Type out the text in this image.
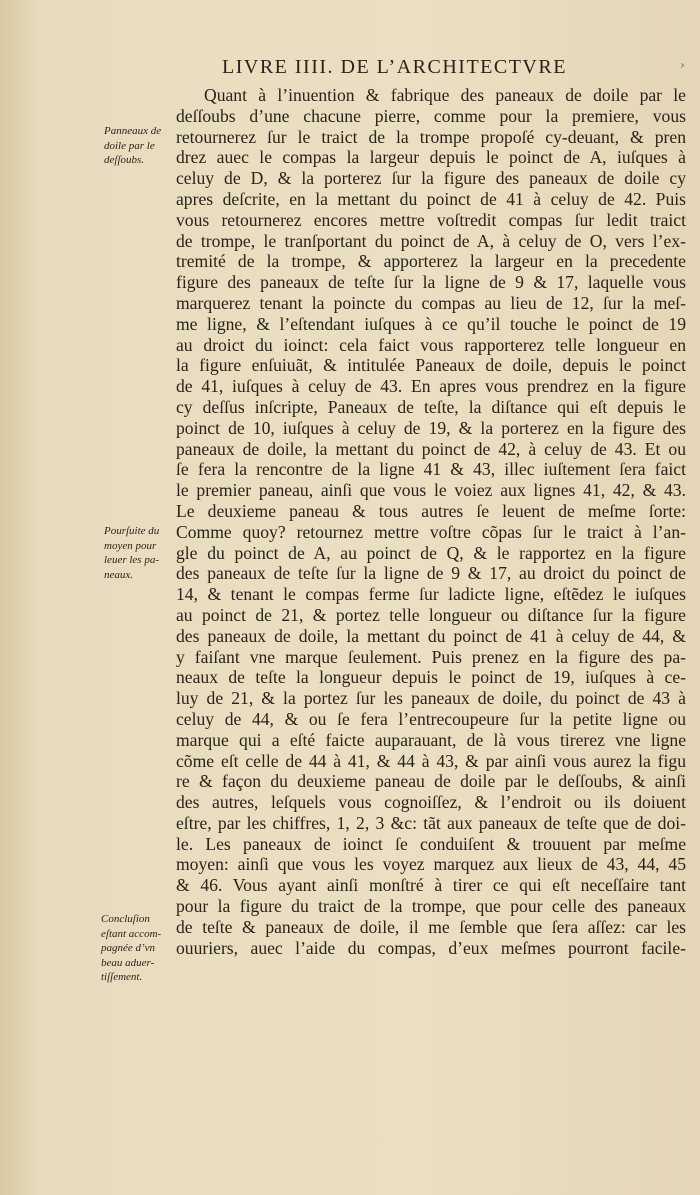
LIVRE IIII. DE L’ARCHITECTVRE	›
Panneaux de
doile par le
deſſoubs.
Pourſuite du
moyen pour
leuer les pa-
neaux.
Concluſion
eſtant accom-
pagnée d’vn
beau aduer-
tiſſement.
Quant à l’inuention & fabrique des paneaux de doile par le
deſſoubs d’une chacune pierre, comme pour la premiere, vous
retournerez ſur le traict de la trompe propoſé cy-deuant, & pren
drez auec le compas la largeur depuis le poinct de A, iuſques à
celuy de D, & la porterez ſur la figure des paneaux de doile cy
apres deſcrite, en la mettant du poinct de 41 à celuy de 42. Puis
vous retournerez encores mettre voſtredit compas ſur ledit traict
de trompe, le tranſportant du poinct de A, à celuy de O, vers l’ex-
tremité de la trompe, & apporterez la largeur en la precedente
figure des paneaux de teſte ſur la ligne de 9 & 17, laquelle vous
marquerez tenant la poincte du compas au lieu de 12, ſur la meſ-
me ligne, & l’eſtendant iuſques à ce qu’il touche le poinct de 19
au droict du ioinct: cela faict vous rapporterez telle longueur en
la figure enſuiuãt, & intitulée Paneaux de doile, depuis le poinct
de 41, iuſques à celuy de 43. En apres vous prendrez en la figure
cy deſſus inſcripte, Paneaux de teſte, la diſtance qui eſt depuis le
poinct de 10, iuſques à celuy de 19, & la porterez en la figure des
paneaux de doile, la mettant du poinct de 42, à celuy de 43. Et ou
ſe fera la rencontre de la ligne 41 & 43, illec iuſtement ſera faict
le premier paneau, ainſi que vous le voiez aux lignes 41, 42, & 43.
Le deuxieme paneau & tous autres ſe leuent de meſme ſorte:
Comme quoy? retournez mettre voſtre cõpas ſur le traict à l’an-
gle du poinct de A, au poinct de Q, & le rapportez en la figure
des paneaux de teſte ſur la ligne de 9 & 17, au droict du poinct de
14, & tenant le compas ferme ſur ladicte ligne, eſtẽdez le iuſques
au poinct de 21, & portez telle longueur ou diſtance ſur la figure
des paneaux de doile, la mettant du poinct de 41 à celuy de 44, &
y faiſant vne marque ſeulement. Puis prenez en la figure des pa-
neaux de teſte la longueur depuis le poinct de 19, iuſques à ce-
luy de 21, & la portez ſur les paneaux de doile, du poinct de 43 à
celuy de 44, & ou ſe fera l’entrecoupeure ſur la petite ligne ou
marque qui a eſté faicte auparauant, de là vous tirerez vne ligne
cõme eſt celle de 44 à 41, & 44 à 43, & par ainſi vous aurez la figu
re & façon du deuxieme paneau de doile par le deſſoubs, & ainſi
des autres, leſquels vous cognoiſſez, & l’endroit ou ils doiuent
eſtre, par les chiffres, 1, 2, 3 &c: tãt aux paneaux de teſte que de doi-
le. Les paneaux de ioinct ſe conduiſent & trouuent par meſme
moyen: ainſi que vous les voyez marquez aux lieux de 43, 44, 45
& 46. Vous ayant ainſi monſtré à tirer ce qui eſt neceſſaire tant
pour la figure du traict de la trompe, que pour celle des paneaux
de teſte & paneaux de doile, il me ſemble que ſera aſſez: car les
ouuriers, auec l’aide du compas, d’eux meſmes pourront facile-
